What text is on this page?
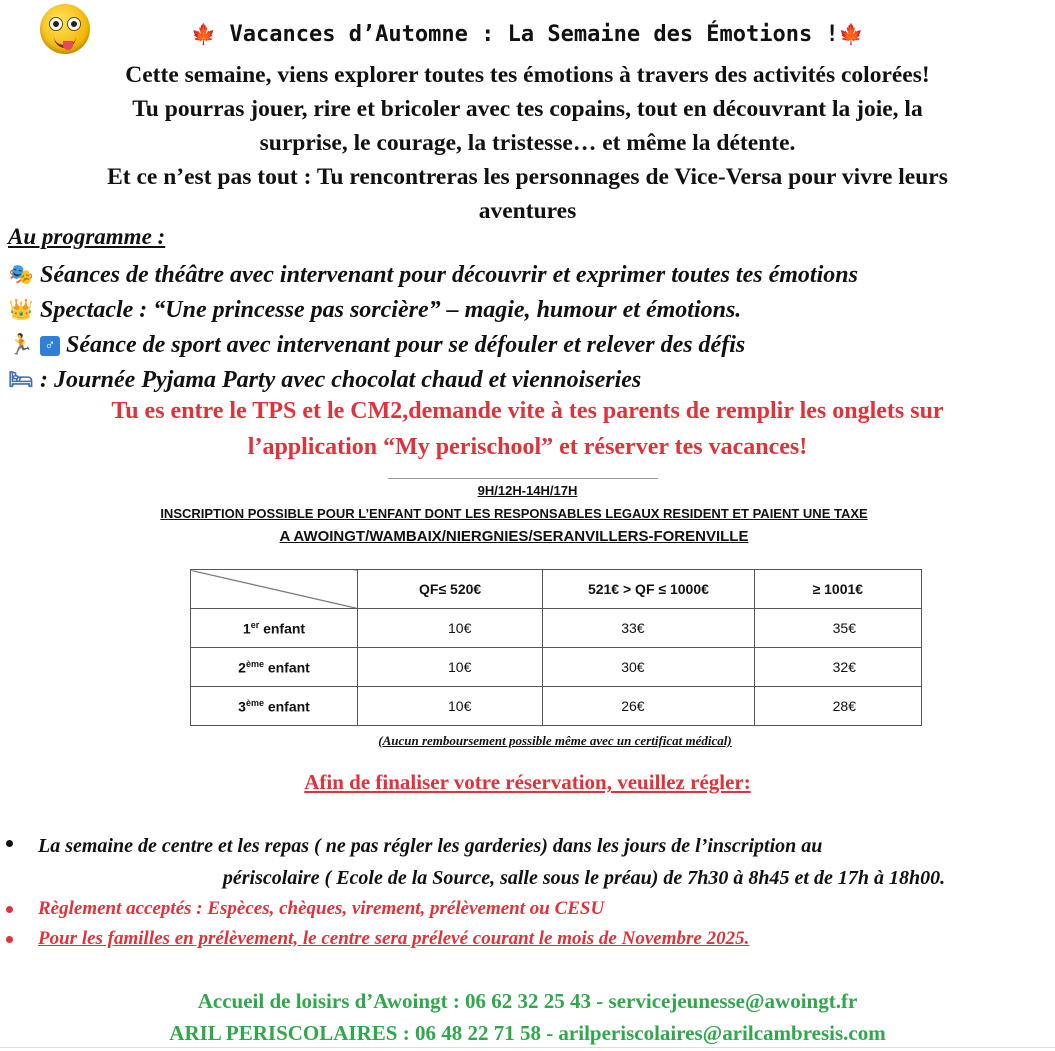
🍁 Vacances d’Automne : La Semaine des Émotions !🍁

Cette semaine, viens explorer toutes tes émotions à travers des activités colorées!

Tu pourras jouer, rire et bricoler avec tes copains, tout en découvrant la joie, la

surprise, le courage, la tristesse… et même la détente.

Et ce n’est pas tout : Tu rencontreras les personnages de Vice-Versa pour vivre leurs

aventures

Au programme :
🎭 Séances de théâtre avec intervenant pour découvrir et exprimer toutes tes émotions
👑 Spectacle : “Une princesse pas sorcière” – magie, humour et émotions.
🏃 ♂ Séance de sport avec intervenant pour se défouler et relever des défis
🛏 : Journée Pyjama Party avec chocolat chaud et viennoiseries

Tu es entre le TPS et le CM2,demande vite à tes parents de remplir les onglets sur

l’application “My perischool” et réserver tes vacances!

9H/12H-14H/17H
INSCRIPTION POSSIBLE POUR L’ENFANT DONT LES RESPONSABLES LEGAUX RESIDENT ET PAIENT UNE TAXE
A AWOINGT/WAMBAIX/NIERGNIES/SERANVILLERS-FORENVILLE
	QF≤ 520€	521€ > QF ≤ 1000€	≥ 1001€
1er enfant	10€	33€	35€
2ème enfant	10€	30€	32€
3ème enfant	10€	26€	28€
(Aucun remboursement possible même avec un certificat médical)
Afin de finaliser votre réservation, veuillez régler:
La semaine de centre et les repas ( ne pas régler les garderies) dans les jours de l’inscription au
périscolaire ( Ecole de la Source, salle sous le préau) de 7h30 à 8h45 et de 17h à 18h00.
Règlement acceptés : Espèces, chèques, virement, prélèvement ou CESU
Pour les familles en prélèvement, le centre sera prélevé courant le mois de Novembre 2025.

Accueil de loisirs d’Awoingt : 06 62 32 25 43 - servicejeunesse@awoingt.fr

ARIL PERISCOLAIRES : 06 48 22 71 58 - arilperiscolaires@arilcambresis.com
